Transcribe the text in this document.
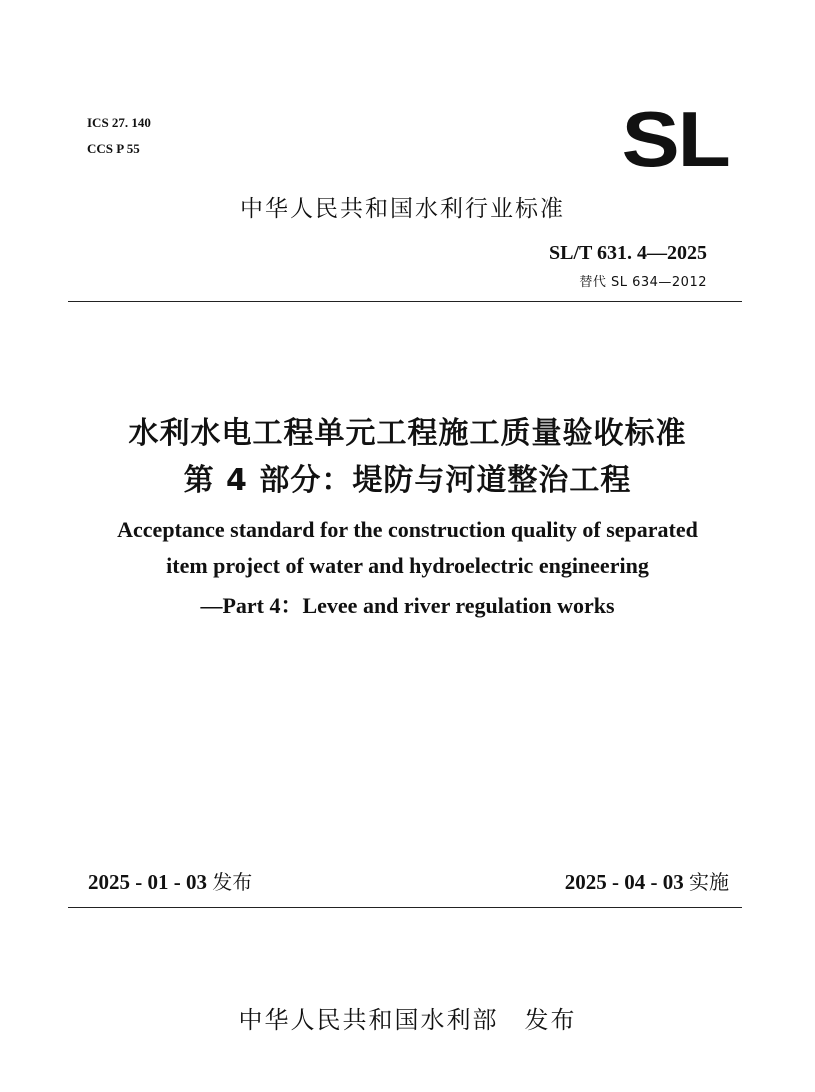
ICS 27. 140
CCS P 55	SL
中华人民共和国水利行业标准
SL/T 631. 4—2025
替代 SL 634—2012
水利水电工程单元工程施工质量验收标准
第 4 部分：堤防与河道整治工程
Acceptance standard for the construction quality of separated
item project of water and hydroelectric engineering
—Part 4：Levee and river regulation works
2025 - 01 - 03 发布	2025 - 04 - 03 实施
中华人民共和国水利部　发布
